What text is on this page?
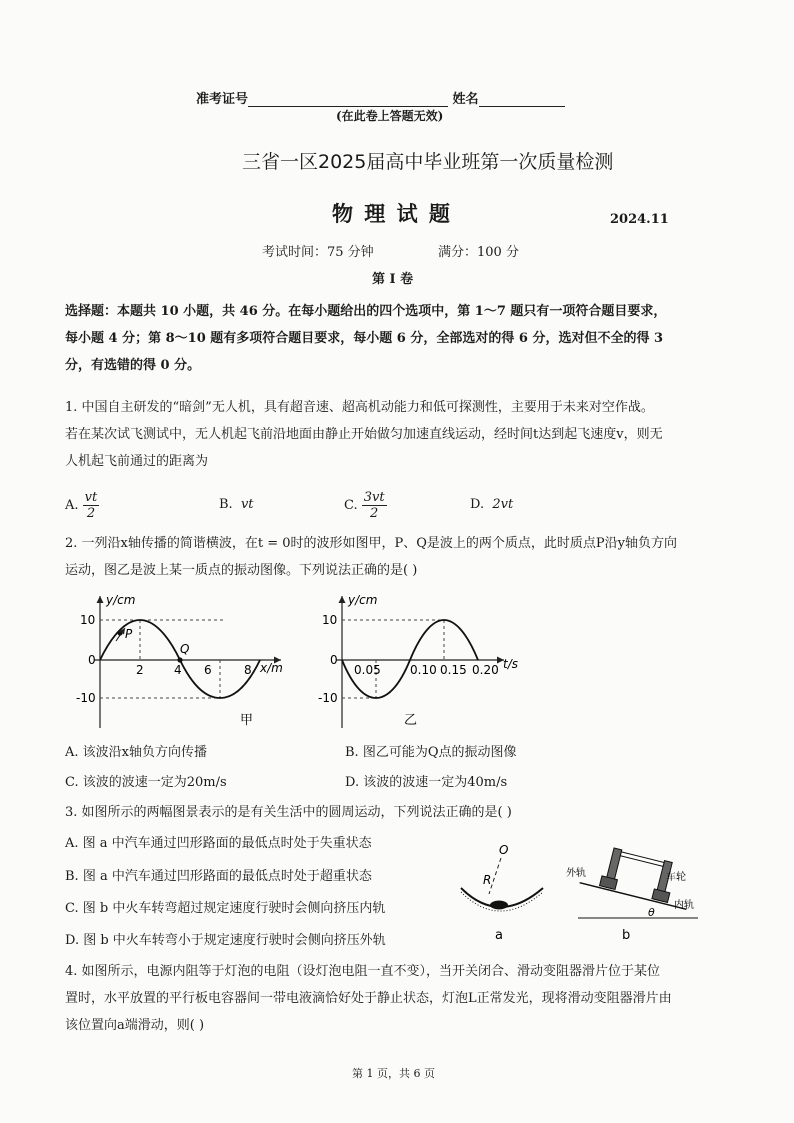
准考证号	姓名
(在此卷上答题无效)
三省一区2025届高中毕业班第一次质量检测
物 理 试 题	2024.11
考试时间：75 分钟	满分：100 分
第 I 卷
选择题：本题共 10 小题，共 46 分。在每小题给出的四个选项中，第 1～7 题只有一项符合题目要求，
每小题 4 分；第 8～10 题有多项符合题目要求，每小题 6 分，全部选对的得 6 分，选对但不全的得 3
分，有选错的得 0 分。
1. 中国自主研发的“暗剑”无人机，具有超音速、超高机动能力和低可探测性，主要用于未来对空作战。
若在某次试飞测试中，无人机起飞前沿地面由静止开始做匀加速直线运动，经时间t达到起飞速度v，则无
人机起飞前通过的距离为
A. $\frac{vt}{2}$	B. vt	C. $\frac{3vt}{2}$	D. 2vt
2. 一列沿x轴传播的简谐横波，在t = 0时的波形如图甲，P、Q是波上的两个质点，此时质点P沿y轴负方向
运动，图乙是波上某一质点的振动图像。下列说法正确的是( )
y/cm
x/m
10
0
-10
P
Q
2	4 6	8
甲
y/cm
t/s
10
0
-10
0.05 0.10 0.15 0.20
乙
A. 该波沿x轴负方向传播	B. 图乙可能为Q点的振动图像
C. 该波的波速一定为20m/s	D. 该波的波速一定为40m/s
3. 如图所示的两幅图景表示的是有关生活中的圆周运动，下列说法正确的是( )
A. 图 a 中汽车通过凹形路面的最低点时处于失重状态
B. 图 a 中汽车通过凹形路面的最低点时处于超重状态
C. 图 b 中火车转弯超过规定速度行驶时会侧向挤压内轨
D. 图 b 中火车转弯小于规定速度行驶时会侧向挤压外轨
O
R
a
外轨	车轮
内轨
θ
b
4. 如图所示，电源内阻等于灯泡的电阻（设灯泡电阻一直不变），当开关闭合、滑动变阻器滑片位于某位
置时，水平放置的平行板电容器间一带电液滴恰好处于静止状态，灯泡L正常发光，现将滑动变阻器滑片由
该位置向a端滑动，则( )
第 1 页，共 6 页
